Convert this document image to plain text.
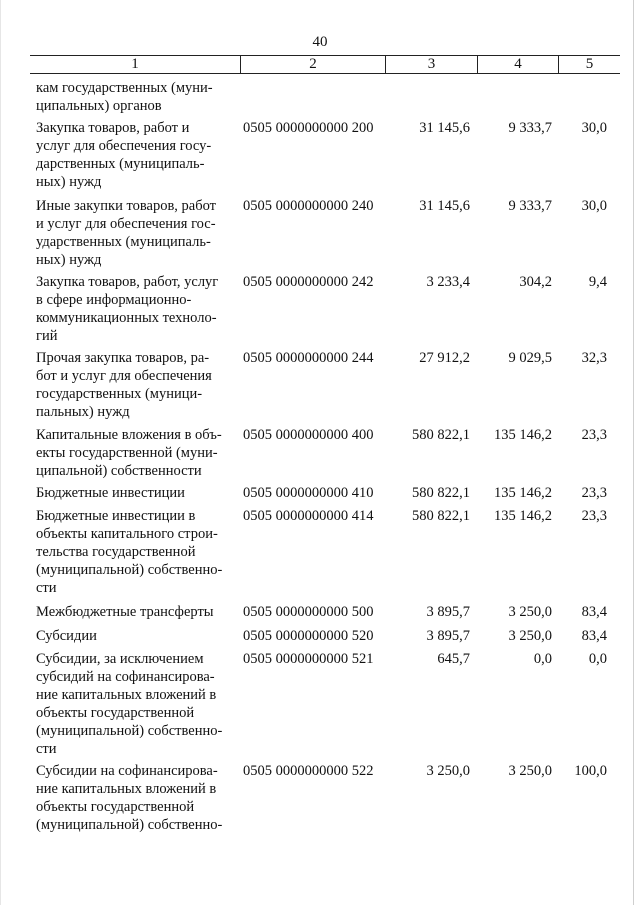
40
1	2	3	4	5
кам государственных (муни-
ципальных) органов
Закупка товаров, работ и
услуг для обеспечения госу-
дарственных (муниципаль-
ных) нужд
0505 0000000000 200	31 145,6	9 333,7	30,0
Иные закупки товаров, работ
и услуг для обеспечения гос-
ударственных (муниципаль-
ных) нужд
0505 0000000000 240	31 145,6	9 333,7	30,0
Закупка товаров, работ, услуг
в сфере информационно-
коммуникационных техноло-
гий
0505 0000000000 242	3 233,4	304,2	9,4
Прочая закупка товаров, ра-
бот и услуг для обеспечения
государственных (муници-
пальных) нужд
0505 0000000000 244	27 912,2	9 029,5	32,3
Капитальные вложения в объ-
екты государственной (муни-
ципальной) собственности
0505 0000000000 400	580 822,1	135 146,2	23,3
Бюджетные инвестиции	0505 0000000000 410	580 822,1	135 146,2	23,3
Бюджетные инвестиции в
объекты капитального строи-
тельства государственной
(муниципальной) собственно-
сти
0505 0000000000 414	580 822,1	135 146,2	23,3
Межбюджетные трансферты	0505 0000000000 500	3 895,7	3 250,0	83,4
Субсидии	0505 0000000000 520	3 895,7	3 250,0	83,4
Субсидии, за исключением
субсидий на софинансирова-
ние капитальных вложений в
объекты государственной
(муниципальной) собственно-
сти
0505 0000000000 521	645,7	0,0	0,0
Субсидии на софинансирова-
ние капитальных вложений в
объекты государственной
(муниципальной) собственно-
0505 0000000000 522	3 250,0	3 250,0	100,0
